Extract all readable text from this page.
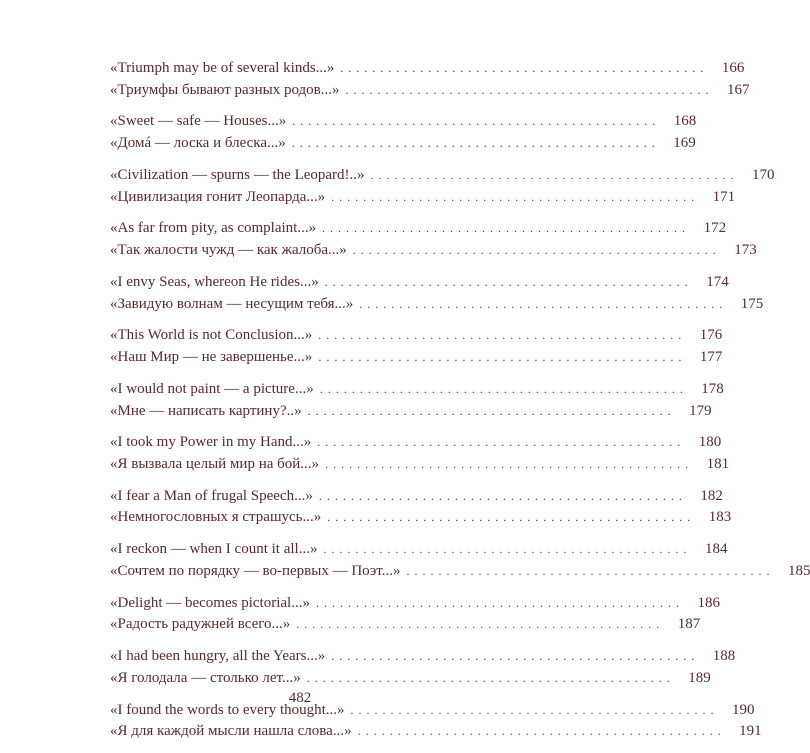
«Triumph may be of several kinds...» .............................................. 166
«Триумфы бывают разных родов...» .............................................. 167
«Sweet — safe — Houses...» .............................................. 168
«Домá — лоска и блеска...» .............................................. 169
«Civilization — spurns — the Leopard!..» .............................................. 170
«Цивилизация гонит Леопарда...» .............................................. 171
«As far from pity, as complaint...» .............................................. 172
«Так жалости чужд — как жалоба...» .............................................. 173
«I envy Seas, whereon He rides...» .............................................. 174
«Завидую волнам — несущим тебя...» .............................................. 175
«This World is not Conclusion...» .............................................. 176
«Наш Мир — не завершенье...» .............................................. 177
«I would not paint — a picture...» .............................................. 178
«Мне — написать картину?..» .............................................. 179
«I took my Power in my Hand...» .............................................. 180
«Я вызвала целый мир на бой...» .............................................. 181
«I fear a Man of frugal Speech...» .............................................. 182
«Немногословных я страшусь...» .............................................. 183
«I reckon — when I count it all...» .............................................. 184
«Сочтем по порядку — во-первых — Поэт...» .............................................. 185
«Delight — becomes pictorial...» .............................................. 186
«Радость радужней всего...» .............................................. 187
«I had been hungry, all the Years...» .............................................. 188
«Я голодала — столько лет...» .............................................. 189
«I found the words to every thought...» .............................................. 190
«Я для каждой мысли нашла слова...» .............................................. 191
482
